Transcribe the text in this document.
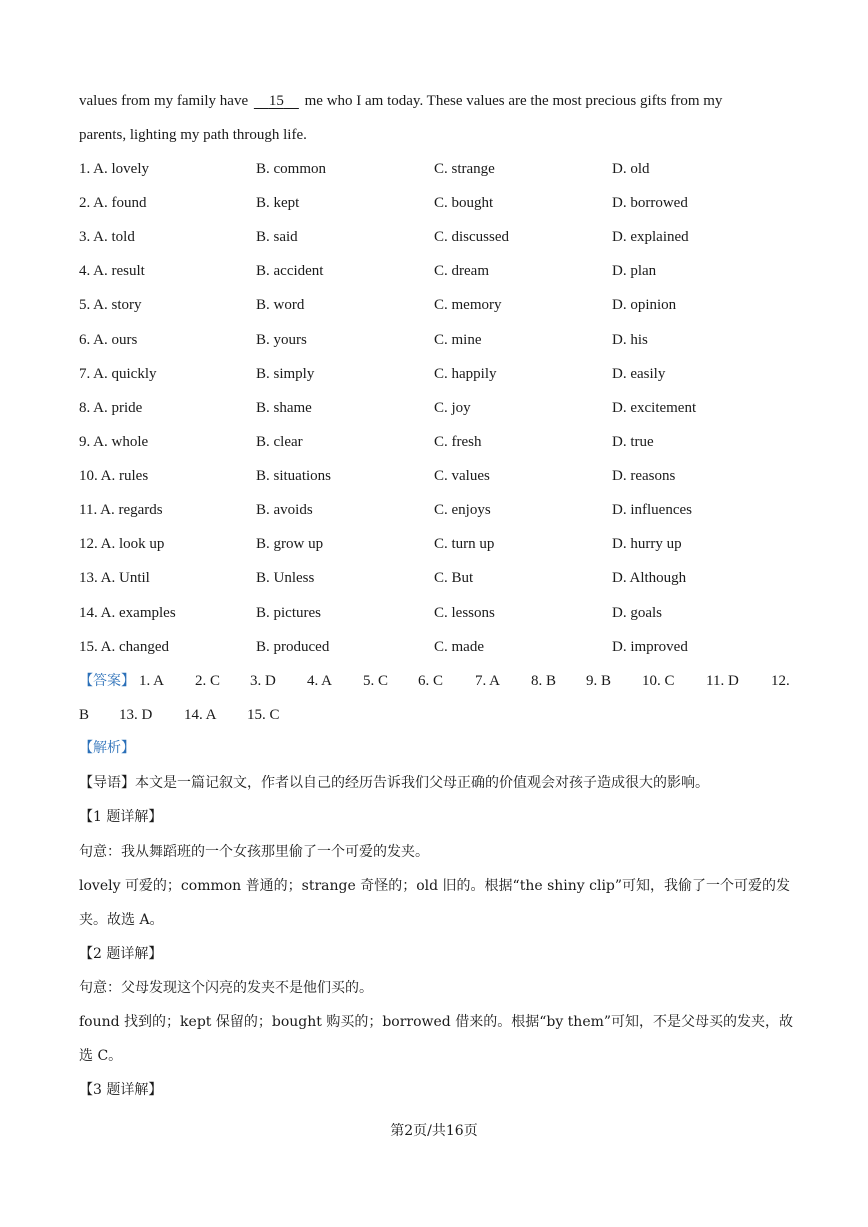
values from my family have     15     me who I am today. These values are the most precious gifts from my
parents, lighting my path through life.
1. A. lovely	B. common	C. strange	D. old
2. A. found	B. kept	C. bought	D. borrowed
3. A. told	B. said	C. discussed	D. explained
4. A. result	B. accident	C. dream	D. plan
5. A. story	B. word	C. memory	D. opinion
6. A. ours	B. yours	C. mine	D. his
7. A. quickly	B. simply	C. happily	D. easily
8. A. pride	B. shame	C. joy	D. excitement
9. A. whole	B. clear	C. fresh	D. true
10. A. rules	B. situations	C. values	D. reasons
11. A. regards	B. avoids	C. enjoys	D. influences
12. A. look up	B. grow up	C. turn up	D. hurry up
13. A. Until	B. Unless	C. But	D. Although
14. A. examples	B. pictures	C. lessons	D. goals
15. A. changed	B. produced	C. made	D. improved
【答案】 1. A 2. C 3. D 4. A 5. C 6. C 7. A 8. B 9. B 10. C 11. D 12.
B 13. D 14. A 15. C
【解析】
【导语】本文是一篇记叙文，作者以自己的经历告诉我们父母正确的价值观会对孩子造成很大的影响。
【1 题详解】
句意：我从舞蹈班的一个女孩那里偷了一个可爱的发夹。
lovely 可爱的；common 普通的；strange 奇怪的；old 旧的。根据“the shiny clip”可知，我偷了一个可爱的发
夹。故选 A。
【2 题详解】
句意：父母发现这个闪亮的发夹不是他们买的。
found 找到的；kept 保留的；bought 购买的；borrowed 借来的。根据“by them”可知，不是父母买的发夹，故
选 C。
【3 题详解】
第2页/共16页
